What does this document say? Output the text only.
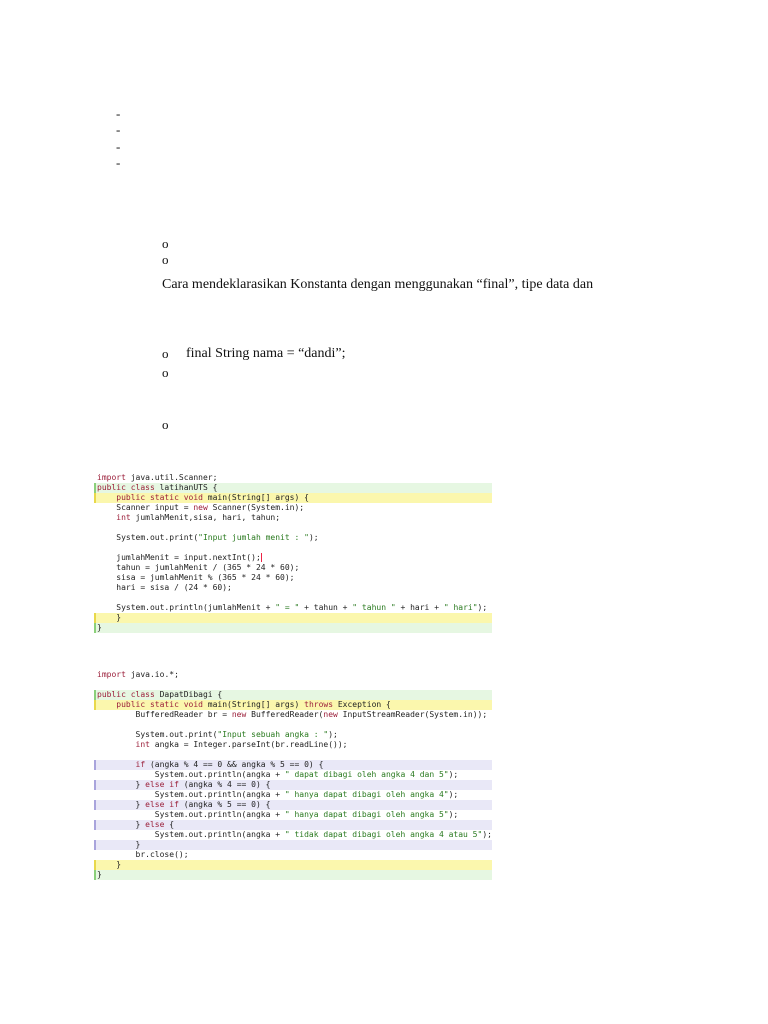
-
-
-
-
o
o
Cara mendeklarasikan Konstanta dengan menggunakan “final”, tipe data dan
o final String nama = “dandi”;
o
o
import java.util.Scanner;
public class latihanUTS {
public static void main(String[] args) {
Scanner input = new Scanner(System.in);
int jumlahMenit,sisa, hari, tahun;
System.out.print("Input jumlah menit : ");
jumlahMenit = input.nextInt();
tahun = jumlahMenit / (365 * 24 * 60);
sisa = jumlahMenit % (365 * 24 * 60);
hari = sisa / (24 * 60);
System.out.println(jumlahMenit + " = " + tahun + " tahun " + hari + " hari");
}
}
import java.io.*;
public class DapatDibagi {
public static void main(String[] args) throws Exception {
BufferedReader br = new BufferedReader(new InputStreamReader(System.in));
System.out.print("Input sebuah angka : ");
int angka = Integer.parseInt(br.readLine());
if (angka % 4 == 0 && angka % 5 == 0) {
System.out.println(angka + " dapat dibagi oleh angka 4 dan 5");
} else if (angka % 4 == 0) {
System.out.println(angka + " hanya dapat dibagi oleh angka 4");
} else if (angka % 5 == 0) {
System.out.println(angka + " hanya dapat dibagi oleh angka 5");
} else {
System.out.println(angka + " tidak dapat dibagi oleh angka 4 atau 5");
}
br.close();
}
}
